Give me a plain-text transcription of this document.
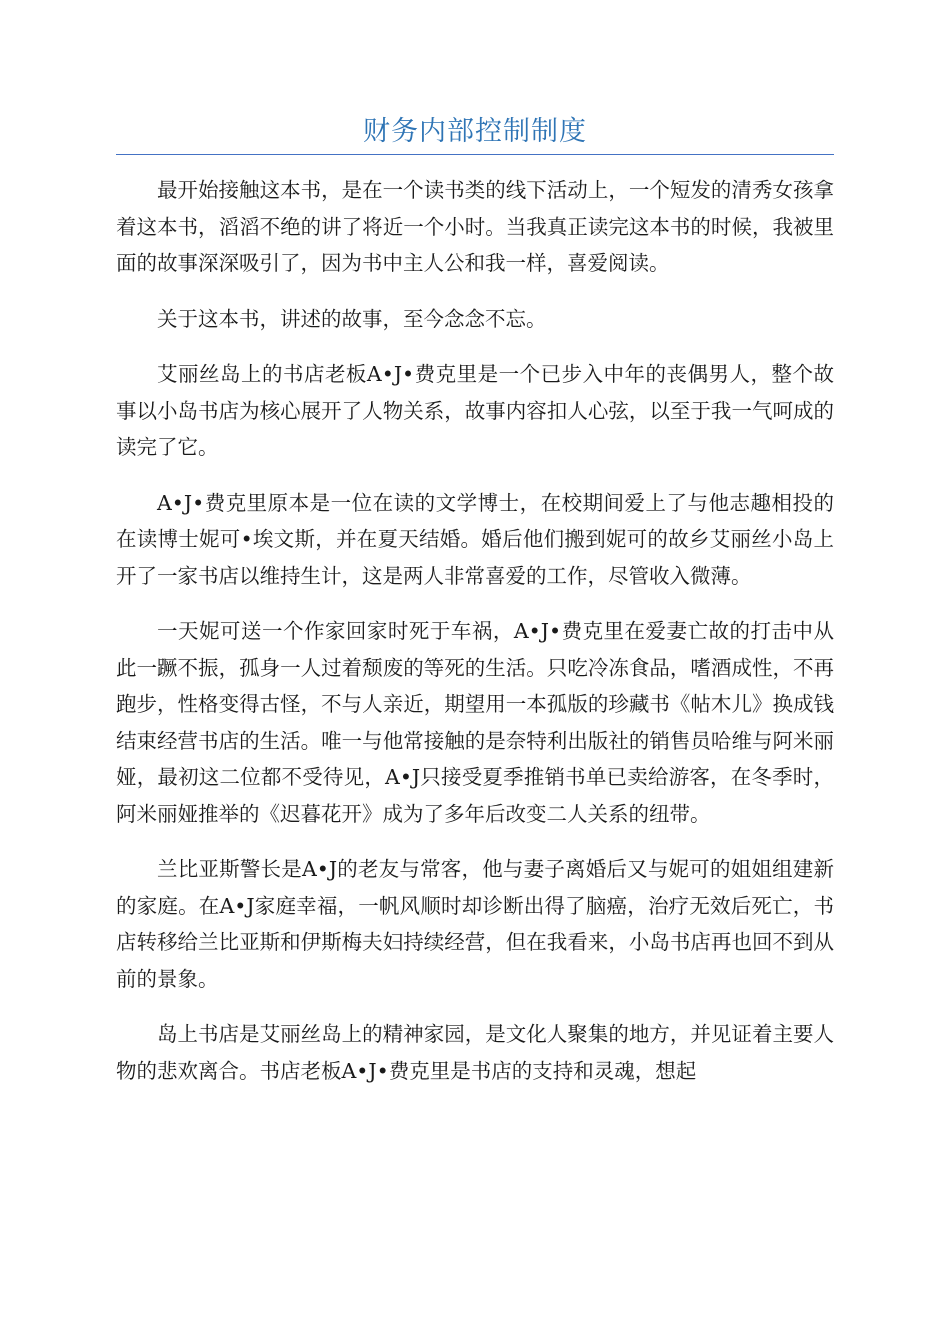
财务内部控制制度

最开始接触这本书，是在一个读书类的线下活动上，一个短发的清秀女孩拿着这本书，滔滔不绝的讲了将近一个小时。当我真正读完这本书的时候，我被里面的故事深深吸引了，因为书中主人公和我一样，喜爱阅读。

关于这本书，讲述的故事，至今念念不忘。

艾丽丝岛上的书店老板A•J•费克里是一个已步入中年的丧偶男人，整个故事以小岛书店为核心展开了人物关系，故事内容扣人心弦，以至于我一气呵成的读完了它。

A•J•费克里原本是一位在读的文学博士，在校期间爱上了与他志趣相投的在读博士妮可•埃文斯，并在夏天结婚。婚后他们搬到妮可的故乡艾丽丝小岛上开了一家书店以维持生计，这是两人非常喜爱的工作，尽管收入微薄。

一天妮可送一个作家回家时死于车祸，A•J•费克里在爱妻亡故的打击中从此一蹶不振，孤身一人过着颓废的等死的生活。只吃冷冻食品，嗜酒成性，不再跑步，性格变得古怪，不与人亲近，期望用一本孤版的珍藏书《帖木儿》换成钱结束经营书店的生活。唯一与他常接触的是奈特利出版社的销售员哈维与阿米丽娅，最初这二位都不受待见，A•J只接受夏季推销书单已卖给游客，在冬季时，阿米丽娅推举的《迟暮花开》成为了多年后改变二人关系的纽带。

兰比亚斯警长是A•J的老友与常客，他与妻子离婚后又与妮可的姐姐组建新的家庭。在A•J家庭幸福，一帆风顺时却诊断出得了脑癌，治疗无效后死亡，书店转移给兰比亚斯和伊斯梅夫妇持续经营，但在我看来，小岛书店再也回不到从前的景象。

岛上书店是艾丽丝岛上的精神家园，是文化人聚集的地方，并见证着主要人物的悲欢离合。书店老板A•J•费克里是书店的支持和灵魂，想起
